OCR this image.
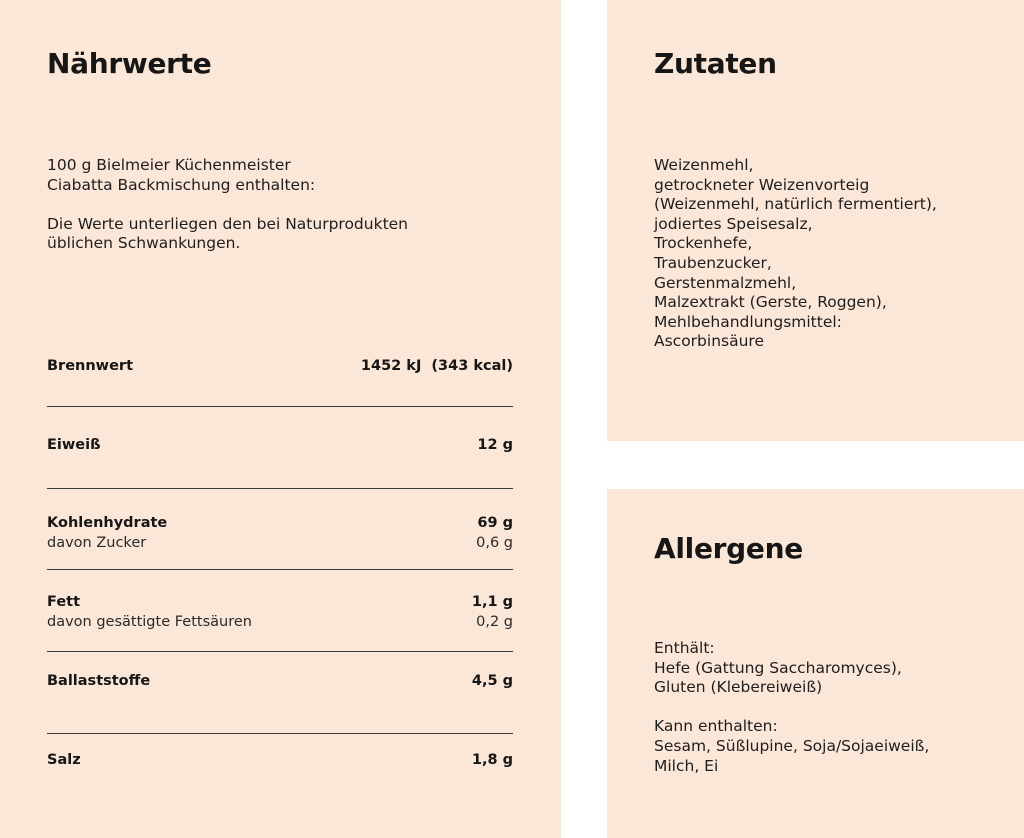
Nährwerte
100 g Bielmeier Küchenmeister
Ciabatta Backmischung enthalten:
Die Werte unterliegen den bei Naturprodukten
üblichen Schwankungen.
Brennwert	1452 kJ  (343 kcal)
Eiweiß	12 g
Kohlenhydrate	69 g
davon Zucker	0,6 g
Fett	1,1 g
davon gesättigte Fettsäuren	0,2 g
Ballaststoffe	4,5 g
Salz	1,8 g
Zutaten
Weizenmehl,
getrockneter Weizenvorteig
(Weizenmehl, natürlich fermentiert),
jodiertes Speisesalz,
Trockenhefe,
Traubenzucker,
Gerstenmalzmehl,
Malzextrakt (Gerste, Roggen),
Mehlbehandlungsmittel:
Ascorbinsäure
Allergene
Enthält:
Hefe (Gattung Saccharomyces),
Gluten (Klebereiweiß)
Kann enthalten:
Sesam, Süßlupine, Soja/Sojaeiweiß,
Milch, Ei
